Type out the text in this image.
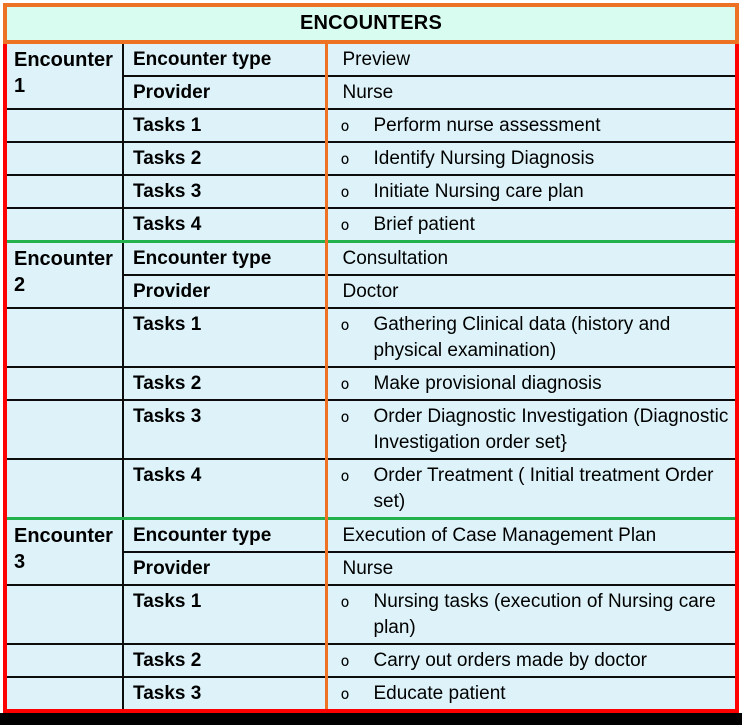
ENCOUNTERS
Encounter
1	Encounter type	Preview
	Provider	Nurse
	Tasks 1	o Perform nurse assessment

	Tasks 2	o Identify Nursing Diagnosis

	Tasks 3	o Initiate Nursing care plan

	Tasks 4	o Brief patient

Encounter
2	Encounter type	Consultation
	Provider	Doctor
	Tasks 1	o Gathering Clinical data (history and physical examination)

	Tasks 2	o Make provisional diagnosis

	Tasks 3	o Order Diagnostic Investigation (Diagnostic Investigation order set}

	Tasks 4	o Order Treatment ( Initial treatment Order set)

Encounter
3	Encounter type	Execution of Case Management Plan
	Provider	Nurse
	Tasks 1	o Nursing tasks (execution of Nursing care plan)

	Tasks 2	o Carry out orders made by doctor

	Tasks 3	o Educate patient
